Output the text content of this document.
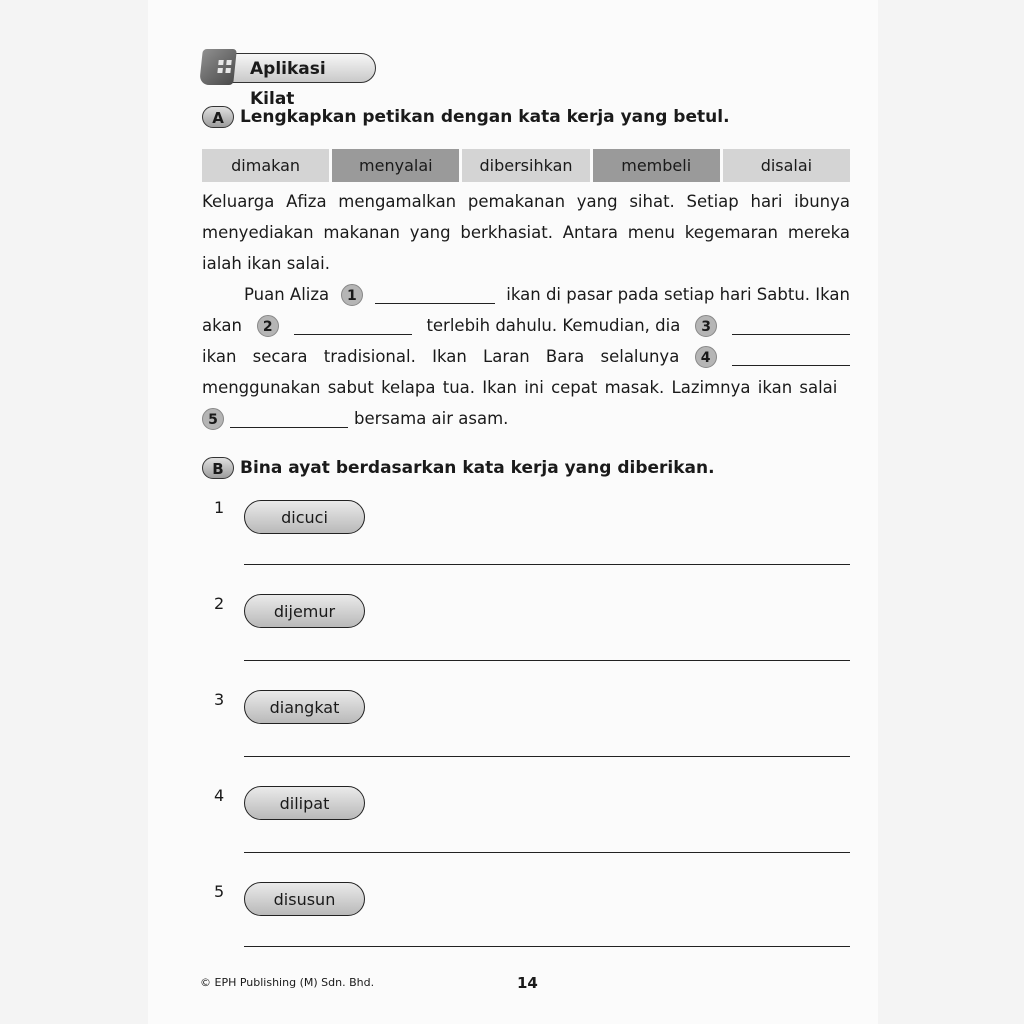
Aplikasi Kilat
A Lengkapkan petikan dengan kata kerja yang betul.
dimakan	menyalai	dibersihkan	membeli	disalai
Keluarga Afiza mengamalkan pemakanan yang sihat. Setiap hari ibunya menyediakan makanan yang berkhasiat. Antara menu kegemaran mereka ialah ikan salai.
Puan Aliza	1	ikan di pasar pada setiap hari Sabtu. Ikan
akan	2	terlebih dahulu. Kemudian, dia	3
ikan secara tradisional. Ikan Laran Bara selalunya	4
menggunakan sabut kelapa tua. Ikan ini cepat masak. Lazimnya ikan salai
5	bersama air asam.
B Bina ayat berdasarkan kata kerja yang diberikan.
1	dicuci
2	dijemur
3	diangkat
4	dilipat
5	disusun
© EPH Publishing (M) Sdn. Bhd.	14
